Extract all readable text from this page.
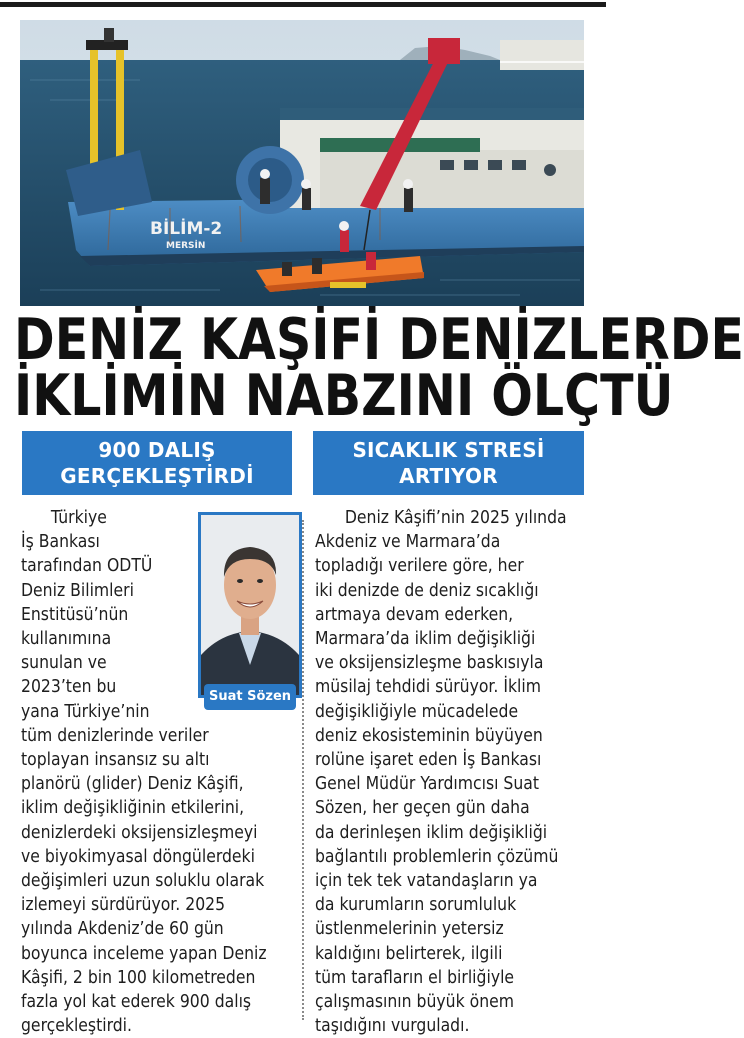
BİLİM-2
MERSİN
DENİZ KAŞİFİ DENİZLERDE
İKLİMİN NABZINI ÖLÇTÜ
900 DALIŞ
GERÇEKLEŞTİRDİ
SICAKLIK STRESİ
ARTIYOR
Türkiye
İş Bankası
tarafından ODTÜ
Deniz Bilimleri
Enstitüsü’nün
kullanımına
sunulan ve
2023’ten bu
yana Türkiye’nin
tüm denizlerinde veriler
toplayan insansız su altı
planörü (glider) Deniz Kâşifi,
iklim değişikliğinin etkilerini,
denizlerdeki oksijensizleşmeyi
ve biyokimyasal döngülerdeki
değişimleri uzun soluklu olarak
izlemeyi sürdürüyor. 2025
yılında Akdeniz’de 60 gün
boyunca inceleme yapan Deniz
Kâşifi, 2 bin 100 kilometreden
fazla yol kat ederek 900 dalış
gerçekleştirdi.
Suat Sözen
Deniz Kâşifi’nin 2025 yılında
Akdeniz ve Marmara’da
topladığı verilere göre, her
iki denizde de deniz sıcaklığı
artmaya devam ederken,
Marmara’da iklim değişikliği
ve oksijensizleşme baskısıyla
müsilaj tehdidi sürüyor. İklim
değişikliğiyle mücadelede
deniz ekosisteminin büyüyen
rolüne işaret eden İş Bankası
Genel Müdür Yardımcısı Suat
Sözen, her geçen gün daha
da derinleşen iklim değişikliği
bağlantılı problemlerin çözümü
için tek tek vatandaşların ya
da kurumların sorumluluk
üstlenmelerinin yetersiz
kaldığını belirterek, ilgili
tüm tarafların el birliğiyle
çalışmasının büyük önem
taşıdığını vurguladı.
